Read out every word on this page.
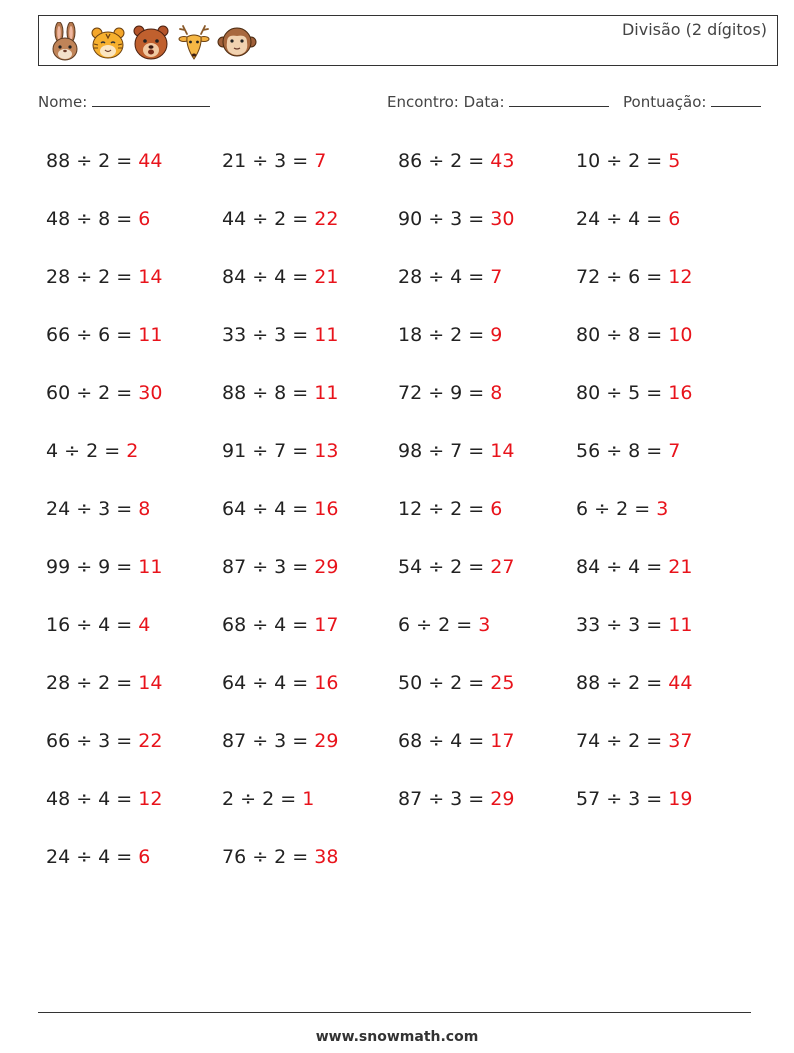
Divisão (2 dígitos)
Nome:	Encontro: Data:	Pontuação:
88 ÷ 2 = 44
48 ÷ 8 = 6
28 ÷ 2 = 14
66 ÷ 6 = 11
60 ÷ 2 = 30
4 ÷ 2 = 2
24 ÷ 3 = 8
99 ÷ 9 = 11
16 ÷ 4 = 4
28 ÷ 2 = 14
66 ÷ 3 = 22
48 ÷ 4 = 12
24 ÷ 4 = 6
21 ÷ 3 = 7
44 ÷ 2 = 22
84 ÷ 4 = 21
33 ÷ 3 = 11
88 ÷ 8 = 11
91 ÷ 7 = 13
64 ÷ 4 = 16
87 ÷ 3 = 29
68 ÷ 4 = 17
64 ÷ 4 = 16
87 ÷ 3 = 29
2 ÷ 2 = 1
76 ÷ 2 = 38
86 ÷ 2 = 43
90 ÷ 3 = 30
28 ÷ 4 = 7
18 ÷ 2 = 9
72 ÷ 9 = 8
98 ÷ 7 = 14
12 ÷ 2 = 6
54 ÷ 2 = 27
6 ÷ 2 = 3
50 ÷ 2 = 25
68 ÷ 4 = 17
87 ÷ 3 = 29
10 ÷ 2 = 5
24 ÷ 4 = 6
72 ÷ 6 = 12
80 ÷ 8 = 10
80 ÷ 5 = 16
56 ÷ 8 = 7
6 ÷ 2 = 3
84 ÷ 4 = 21
33 ÷ 3 = 11
88 ÷ 2 = 44
74 ÷ 2 = 37
57 ÷ 3 = 19
www.snowmath.com
